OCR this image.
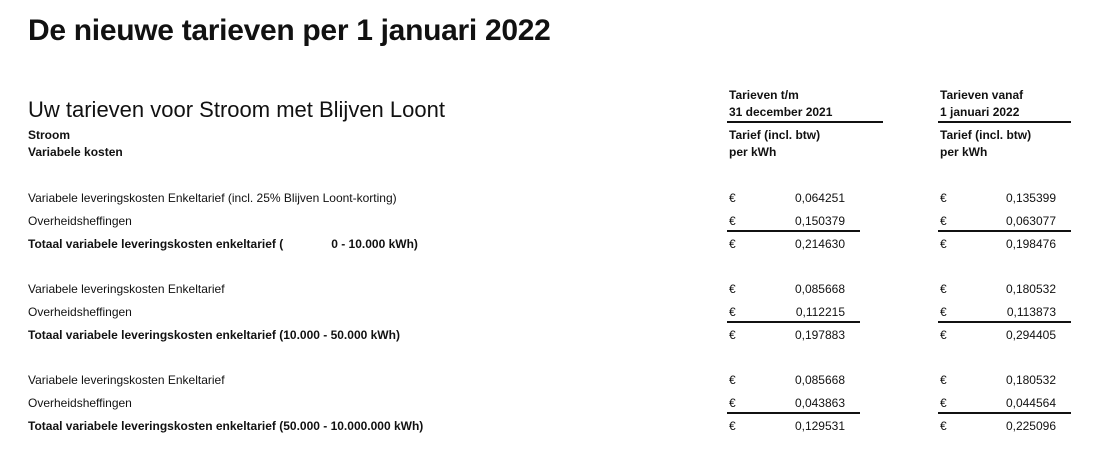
De nieuwe tarieven per 1 januari 2022
Uw tarieven voor Stroom met Blijven Loont
Stroom
Variabele kosten
Tarieven t/m
31 december 2021
Tarief (incl. btw)
per kWh
Tarieven vanaf
1 januari 2022
Tarief (incl. btw)
per kWh
Variabele leveringskosten Enkeltarief (incl. 25% Blijven Loont-korting)	€	0,064251	€	0,135399
Overheidsheffingen	€	0,150379	€	0,063077
Totaal variabele leveringskosten enkeltarief (	0 - 10.000 kWh)	€	0,214630	€	0,198476
Variabele leveringskosten Enkeltarief	€	0,085668	€	0,180532
Overheidsheffingen	€	0,112215	€	0,113873
Totaal variabele leveringskosten enkeltarief (10.000 - 50.000 kWh)	€	0,197883	€	0,294405
Variabele leveringskosten Enkeltarief	€	0,085668	€	0,180532
Overheidsheffingen	€	0,043863	€	0,044564
Totaal variabele leveringskosten enkeltarief (50.000 - 10.000.000 kWh)	€	0,129531	€	0,225096
